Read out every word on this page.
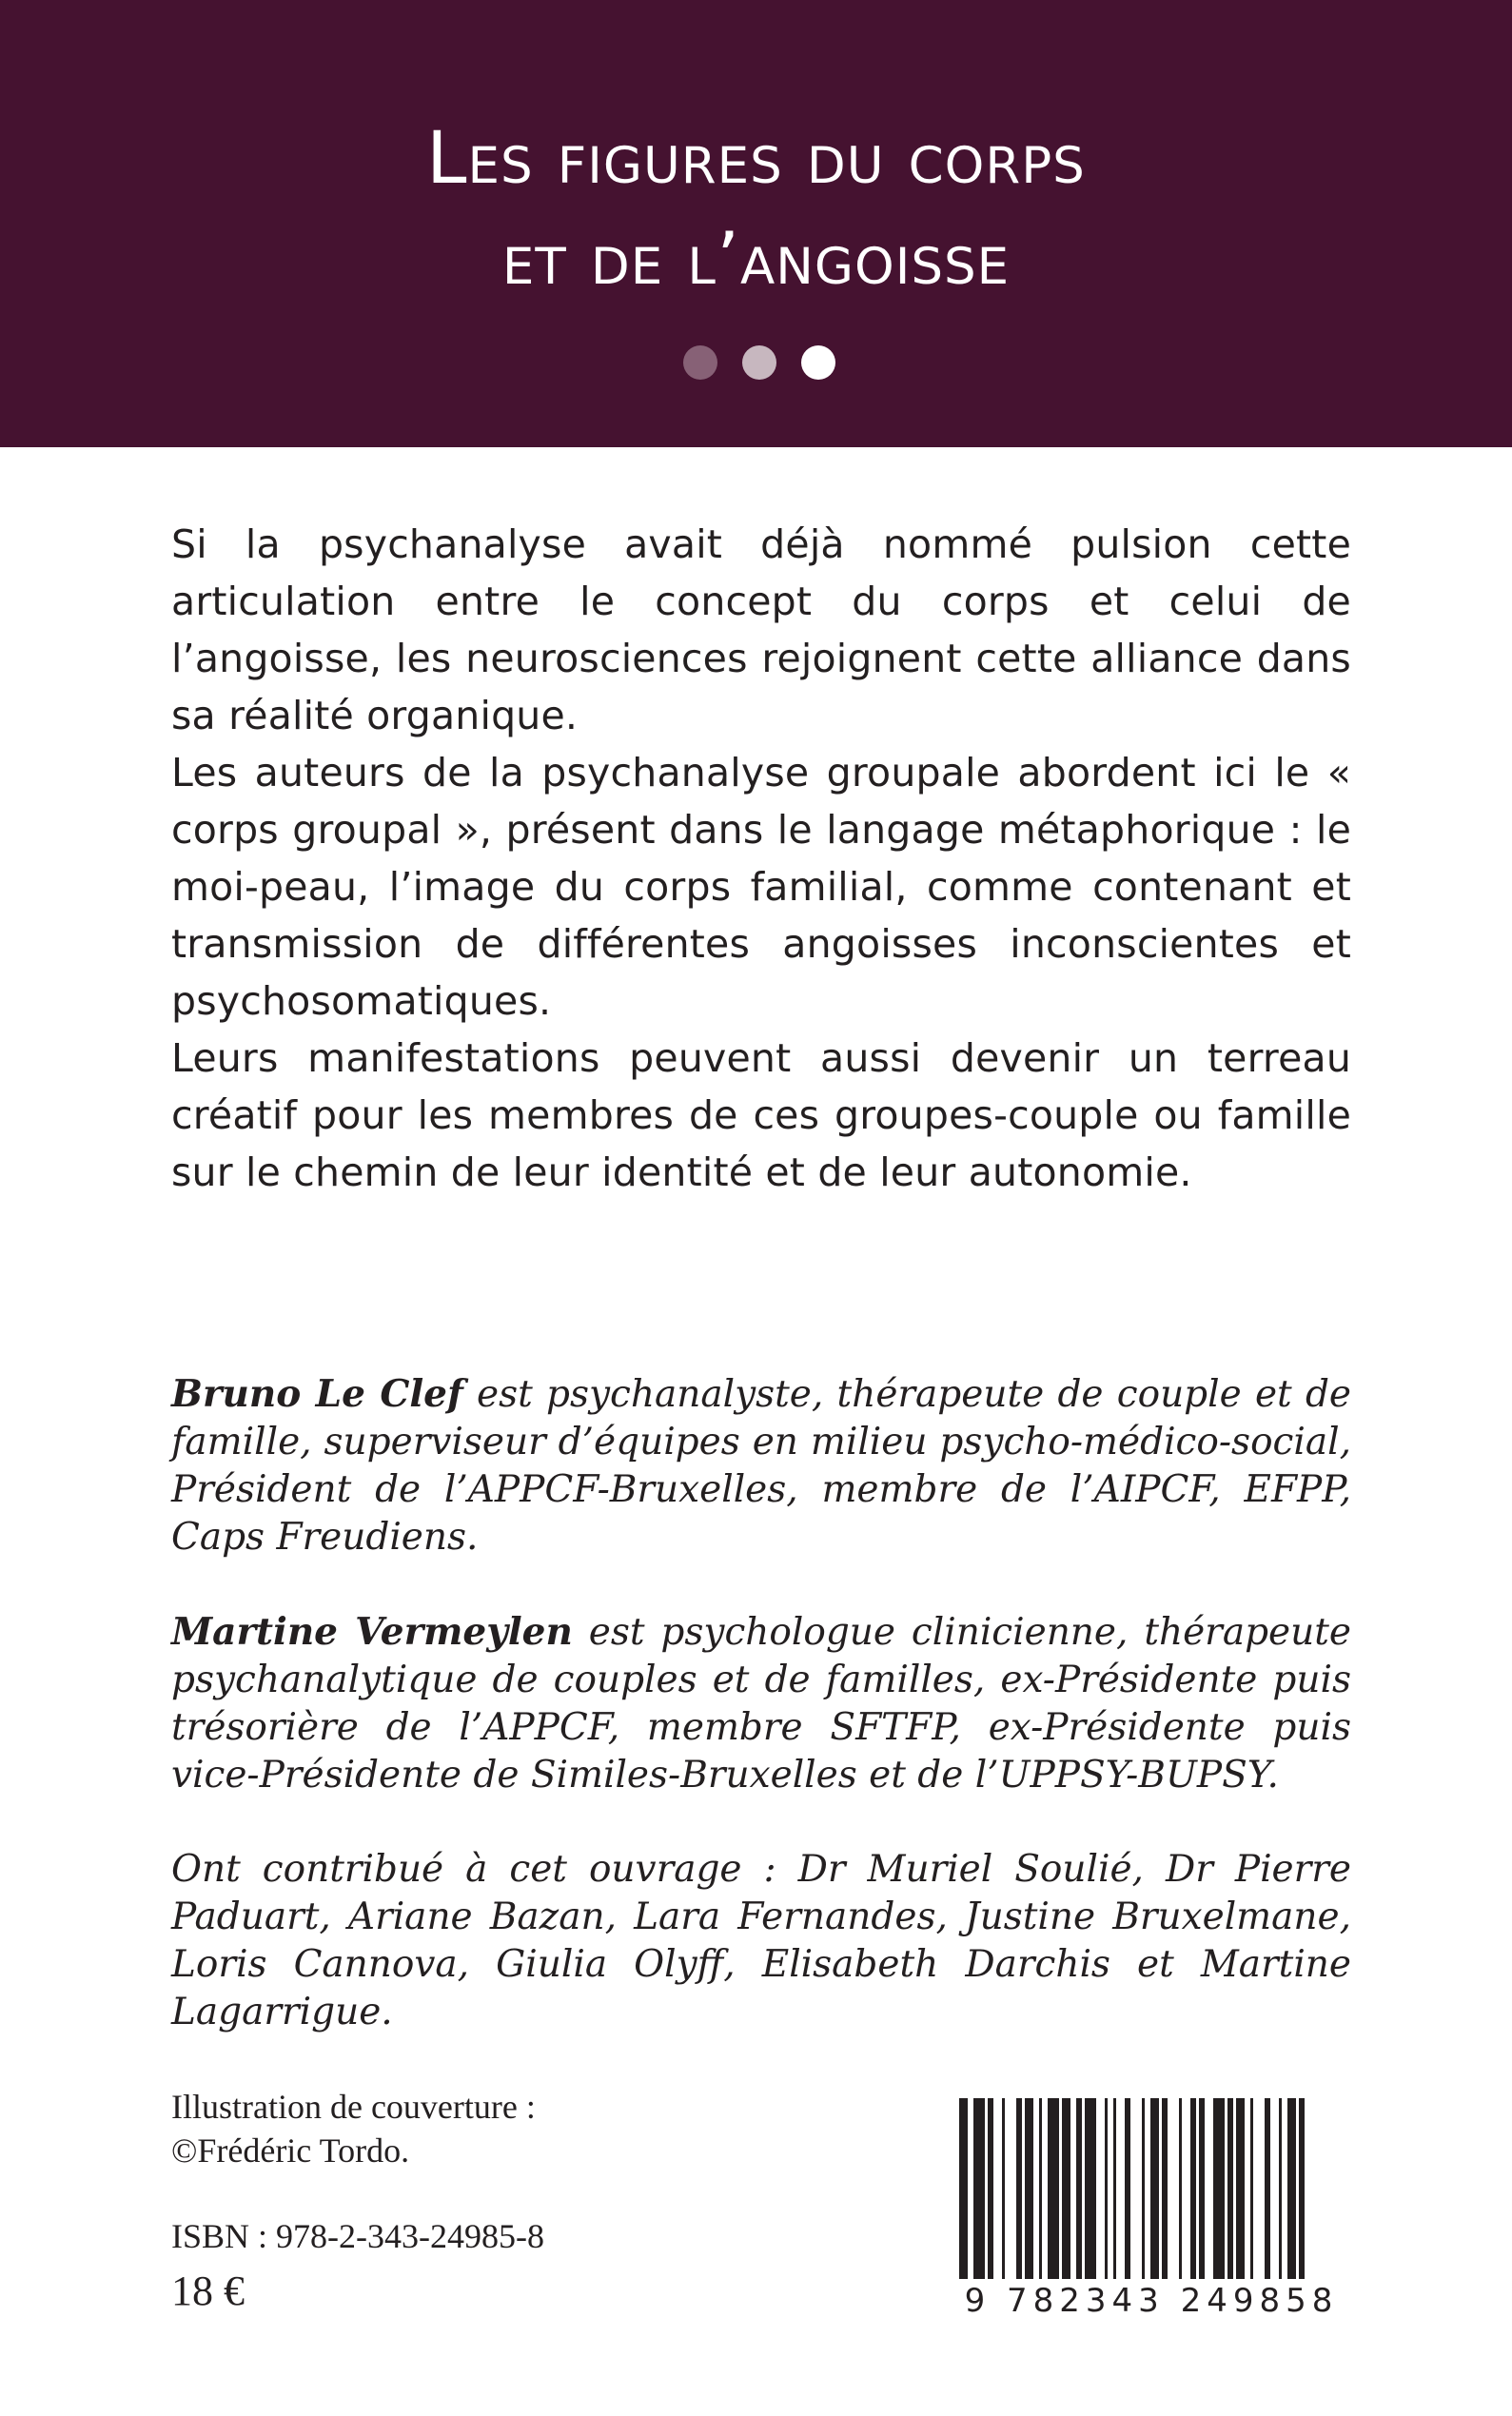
Les figures du corps
et de l’angoisse

Si la psychanalyse avait déjà nommé pulsion cette articulation entre le concept du corps et celui de l’angoisse, les neurosciences rejoignent cette alliance dans sa réalité organique.

Les auteurs de la psychanalyse groupale abordent ici le « corps groupal », présent dans le langage métaphorique : le moi-peau, l’image du corps familial, comme contenant et transmission de différentes angoisses inconscientes et psychosomatiques.

Leurs manifestations peuvent aussi devenir un terreau créatif pour les membres de ces groupes-couple ou famille sur le chemin de leur identité et de leur autonomie.

Bruno Le Clef est psychanalyste, thérapeute de couple et de famille, superviseur d’équipes en milieu psycho-médico-social, Président de l’APPCF-Bruxelles, membre de l’AIPCF, EFPP, Caps Freudiens.

Martine Vermeylen est psychologue clinicienne, thérapeute psychanalytique de couples et de familles, ex-Présidente puis trésorière de l’APPCF, membre SFTFP, ex-Présidente puis vice-Présidente de Similes-Bruxelles et de l’UPPSY-BUPSY.

Ont contribué à cet ouvrage : Dr Muriel Soulié, Dr Pierre Paduart, Ariane Bazan, Lara Fernandes, Justine Bruxelmane, Loris Cannova, Giulia Olyff, Elisabeth Darchis et Martine Lagarrigue.

Illustration de couverture :

©Frédéric Tordo.

ISBN : 978-2-343-24985-8

18 €	9 782343 249858
